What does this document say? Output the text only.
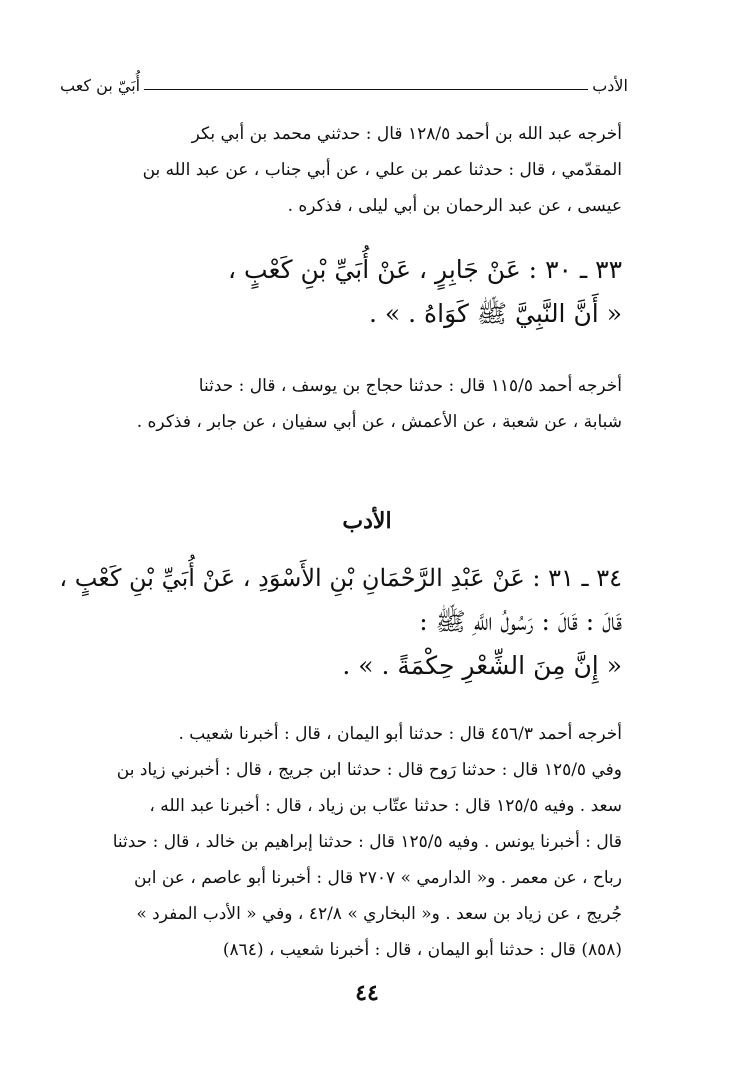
الأدب
أُبَيّ بن كعب
أخرجه عبد الله بن أحمد ١٢٨/٥ قال : حدثني محمد بن أبي بكر
المقدّمي ، قال : حدثنا عمر بن علي ، عن أبي جناب ، عن عبد الله بن
عيسى ، عن عبد الرحمان بن أبي ليلى ، فذكره .
٣٣ ـ ٣٠ : عَنْ جَابِرٍ ، عَنْ أُبَيِّ بْنِ كَعْبٍ ،
« أَنَّ النَّبِيَّ ﷺ كَوَاهُ . » .
أخرجه أحمد ١١٥/٥ قال : حدثنا حجاج بن يوسف ، قال : حدثنا
شبابة ، عن شعبة ، عن الأعمش ، عن أبي سفيان ، عن جابر ، فذكره .
الأدب
٣٤ ـ ٣١ : عَنْ عَبْدِ الرَّحْمَانِ بْنِ الأَسْوَدِ ، عَنْ أُبَيِّ بْنِ كَعْبٍ ،
قَالَ : قَالَ : رَسُولُ اللَّهِ ﷺ :
« إِنَّ مِنَ الشِّعْرِ حِكْمَةً . » .
أخرجه أحمد ٤٥٦/٣ قال : حدثنا أبو اليمان ، قال : أخبرنا شعيب .
وفي ١٢٥/٥ قال : حدثنا رَوح قال : حدثنا ابن جريج ، قال : أخبرني زياد بن
سعد . وفيه ١٢٥/٥ قال : حدثنا عتّاب بن زياد ، قال : أخبرنا عبد الله ،
قال : أخبرنا يونس . وفيه ١٢٥/٥ قال : حدثنا إبراهيم بن خالد ، قال : حدثنا
رباح ، عن معمر . و« الدارمي » ٢٧٠٧ قال : أخبرنا أبو عاصم ، عن ابن
جُريج ، عن زياد بن سعد . و« البخاري » ٤٢/٨ ، وفي « الأدب المفرد »
(٨٥٨) قال : حدثنا أبو اليمان ، قال : أخبرنا شعيب ، (٨٦٤)
٤٤
